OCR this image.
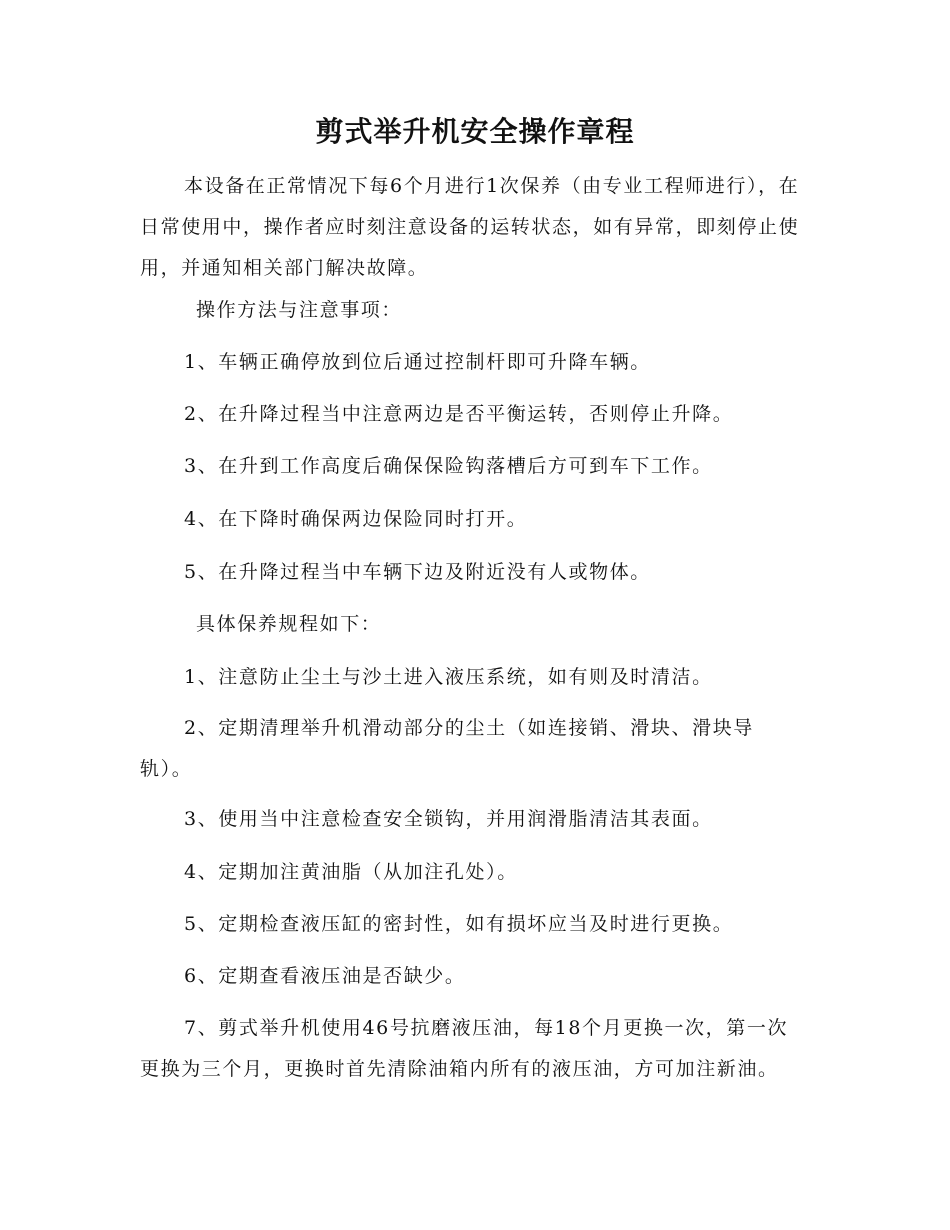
剪式举升机安全操作章程

本设备在正常情况下每6个月进行1次保养（由专业工程师进行），在日常使用中，操作者应时刻注意设备的运转状态，如有异常，即刻停止使用，并通知相关部门解决故障。

操作方法与注意事项：

1、车辆正确停放到位后通过控制杆即可升降车辆。

2、在升降过程当中注意两边是否平衡运转，否则停止升降。

3、在升到工作高度后确保保险钩落槽后方可到车下工作。

4、在下降时确保两边保险同时打开。

5、在升降过程当中车辆下边及附近没有人或物体。

具体保养规程如下：

1、注意防止尘土与沙土进入液压系统，如有则及时清洁。

2、定期清理举升机滑动部分的尘土（如连接销、滑块、滑块导轨）。

3、使用当中注意检查安全锁钩，并用润滑脂清洁其表面。

4、定期加注黄油脂（从加注孔处）。

5、定期检查液压缸的密封性，如有损坏应当及时进行更换。

6、定期查看液压油是否缺少。

7、剪式举升机使用46号抗磨液压油，每18个月更换一次，第一次更换为三个月，更换时首先清除油箱内所有的液压油，方可加注新油。
